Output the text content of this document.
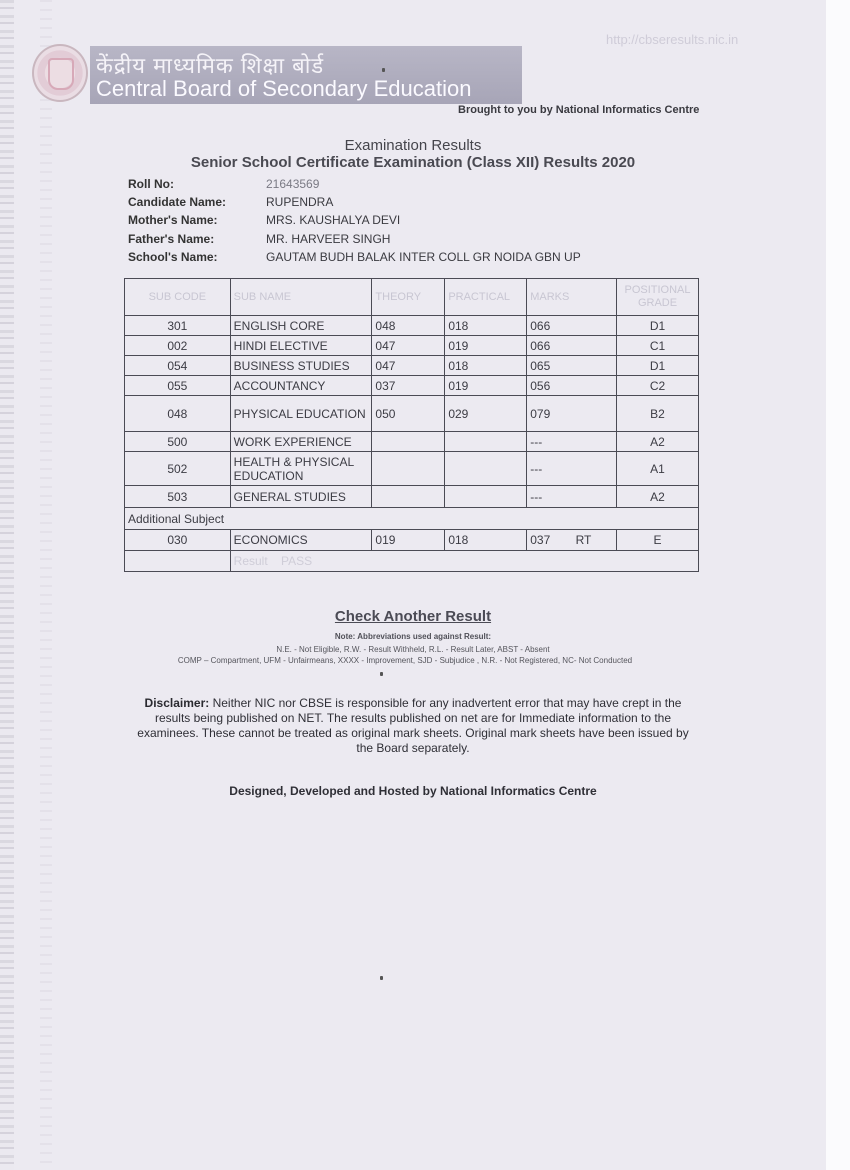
केंद्रीय माध्यमिक शिक्षा बोर्ड
Central Board of Secondary Education
http://cbseresults.nic.in
Brought to you by National Informatics Centre
Examination Results
Senior School Certificate Examination (Class XII) Results 2020
Roll No:	21643569
Candidate Name:	RUPENDRA
Mother's Name:	MRS. KAUSHALYA DEVI
Father's Name:	MR. HARVEER SINGH
School's Name:	GAUTAM BUDH BALAK INTER COLL GR NOIDA GBN UP
SUB CODE	SUB NAME	THEORY	PRACTICAL	MARKS	POSITIONAL GRADE
301	ENGLISH CORE	048	018	066	D1
002	HINDI ELECTIVE	047	019	066	C1
054	BUSINESS STUDIES	047	018	065	D1
055	ACCOUNTANCY	037	019	056	C2
048	PHYSICAL EDUCATION	050	029	079	B2
500	WORK EXPERIENCE			---	A2
502	HEALTH & PHYSICAL EDUCATION			---	A1
503	GENERAL STUDIES			---	A2
Additional Subject					
030	ECONOMICS	019	018	037 RT	E
	Result PASS				
Check Another Result
Note: Abbreviations used against Result:
N.E. - Not Eligible, R.W. - Result Withheld, R.L. - Result Later, ABST - Absent
COMP – Compartment, UFM - Unfairmeans, XXXX - Improvement, SJD - Subjudice , N.R. - Not Registered, NC- Not Conducted
Disclaimer: Neither NIC nor CBSE is responsible for any inadvertent error that may have crept in the results being published on NET. The results published on net are for Immediate information to the examinees. These cannot be treated as original mark sheets. Original mark sheets have been issued by the Board separately.
Designed, Developed and Hosted by National Informatics Centre
